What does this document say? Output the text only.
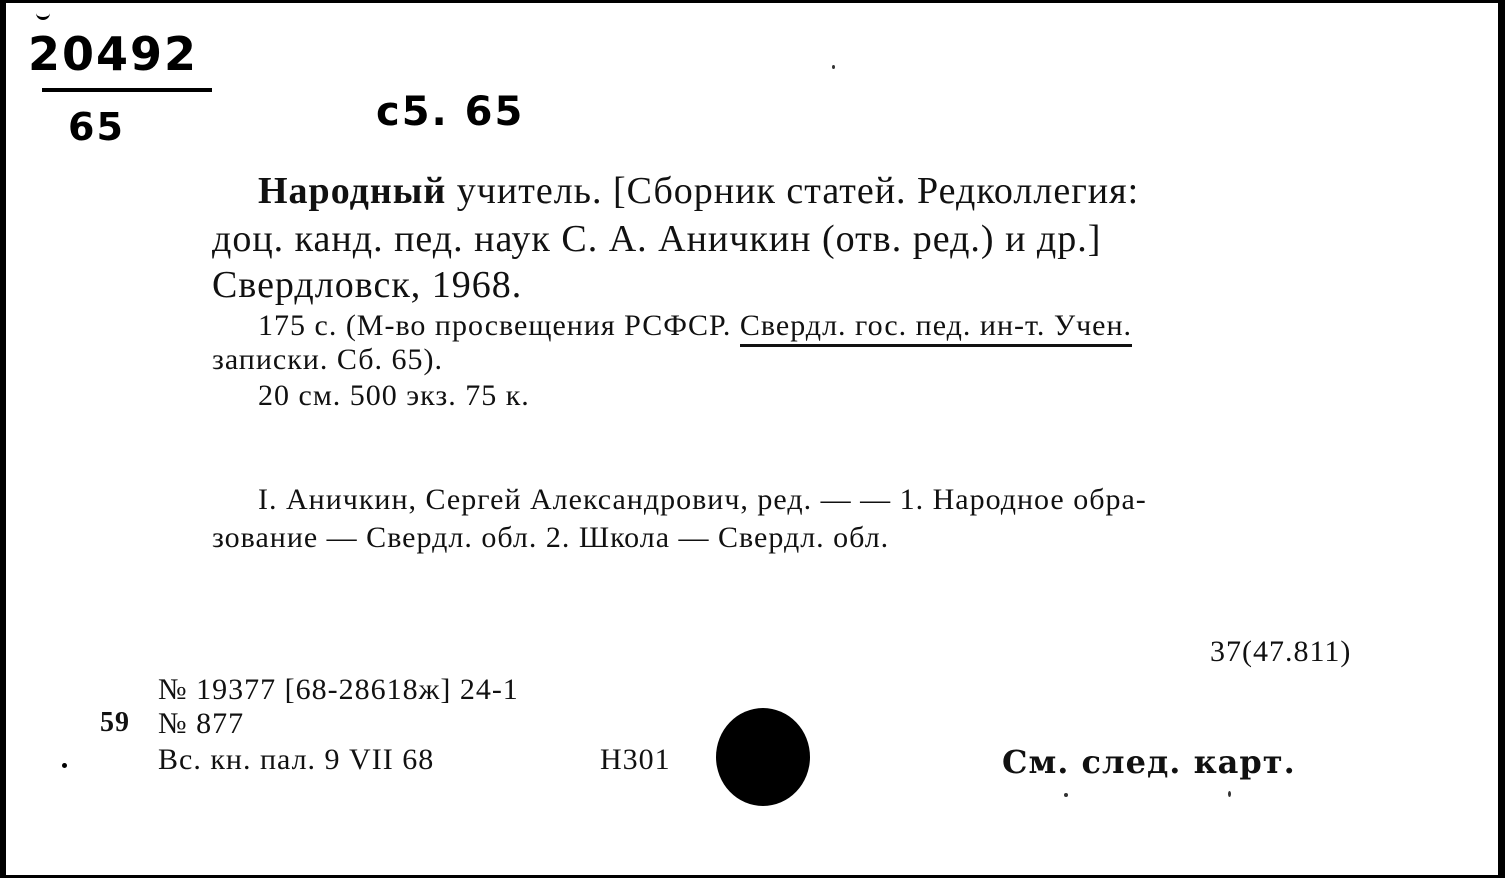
20492
65	c5. 65
Народный учитель. [Сборник статей. Редколлегия:
доц. канд. пед. наук С. А. Аничкин (отв. ред.) и др.]
Свердловск, 1968.
175 с. (М-во просвещения РСФСР. Свердл. гос. пед. ин-т. Учен.
записки. Сб. 65).
20 см. 500 экз. 75 к.
I. Аничкин, Сергей Александрович, ред. — — 1. Народное обра-
зование — Свердл. обл. 2. Школа — Свердл. обл.
37(47.811)
№ 19377 [68-28618ж] 24-1
59 № 877
Вс. кн. пал. 9 VII 68	Н301	См. след. карт.
